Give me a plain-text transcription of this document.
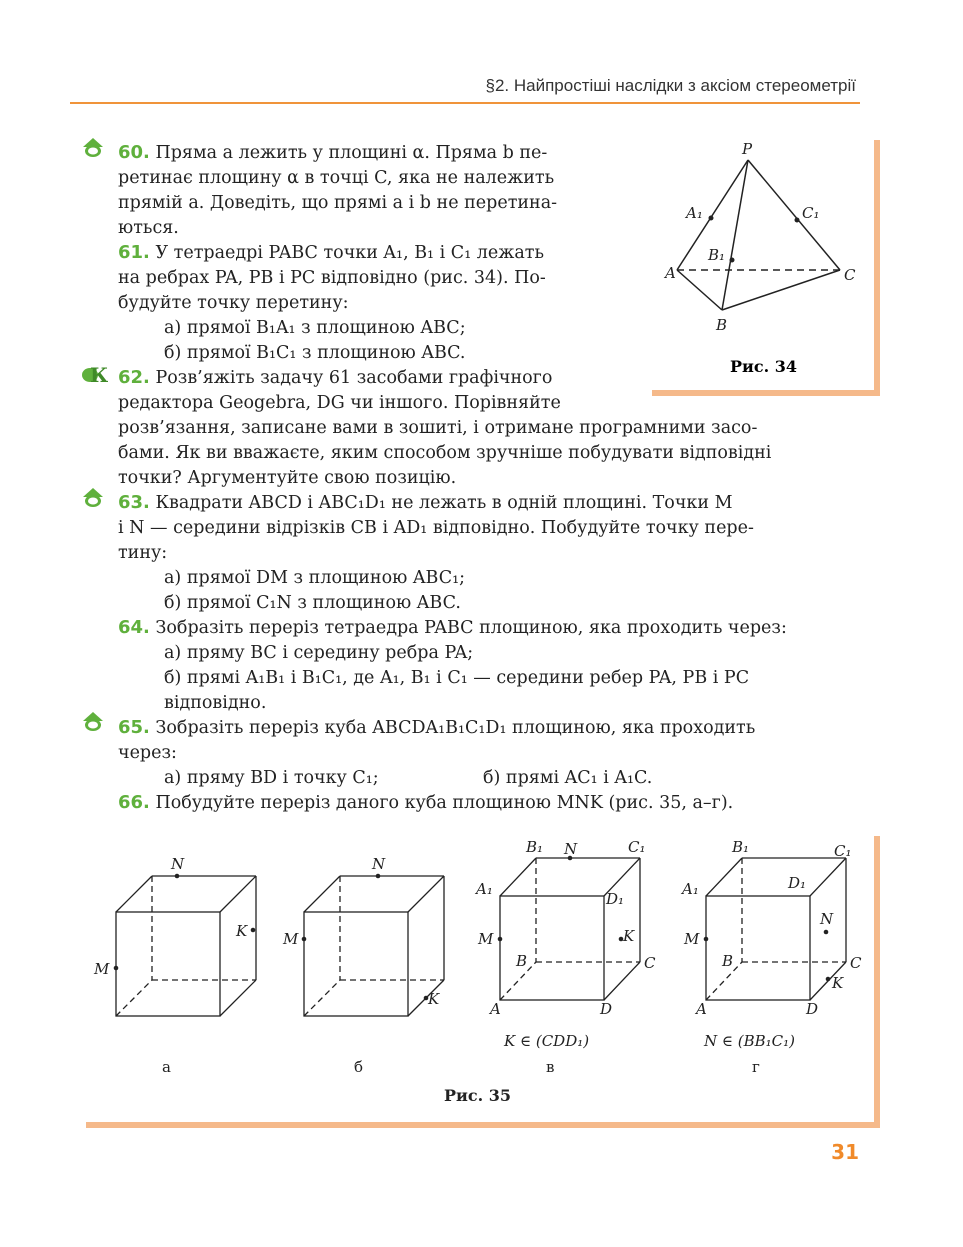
§2. Найпростіші наслідки з аксіом стереометрії
К
60. Пряма a лежить у площині α. Пряма b пе-
ретинає площину α в точці C, яка не належить
прямій a. Доведіть, що прямі a і b не перетина-
ються.
61. У тетраедрі PABC точки A₁, B₁ і C₁ лежать
на ребрах PA, PB і PC відповідно (рис. 34). По-
будуйте точку перетину:
а) прямої B₁A₁ з площиною ABC;
б) прямої B₁C₁ з площиною ABC.
62. Розв’яжіть задачу 61 засобами графічного
редактора Geogebra, DG чи іншого. Порівняйте
розв’язання, записане вами в зошиті, і отримане програмними засо-
бами. Як ви вважаєте, яким способом зручніше побудувати відповідні
точки? Аргументуйте свою позицію.
63. Квадрати ABCD і ABC₁D₁ не лежать в одній площині. Точки M
і N — середини відрізків CB і AD₁ відповідно. Побудуйте точку пере-
тину:
а) прямої DM з площиною ABC₁;
б) прямої C₁N з площиною ABC.
64. Зобразіть переріз тетраедра PABC площиною, яка проходить через:
а) пряму BC і середину ребра PA;
б) прямі A₁B₁ і B₁C₁, де A₁, B₁ і C₁ — середини ребер PA, PB і PC
відповідно.
65. Зобразіть переріз куба ABCDA₁B₁C₁D₁ площиною, яка проходить
через:
а) пряму BD і точку C₁;	б) прямі AC₁ і A₁C.
66. Побудуйте переріз даного куба площиною MNK (рис. 35, а–г).
P
A₁	C₁
B₁
A	C
B
Рис. 34
N
K
M
N
M
K
B₁ N	C₁
A₁
D₁
M	K
B	C
A	D
B₁	C₁
D₁
A₁
N
M
B	C
K
A	D
K ∈ (CDD₁)	N ∈ (BB₁C₁)
а	б	в	г
Рис. 35
31
